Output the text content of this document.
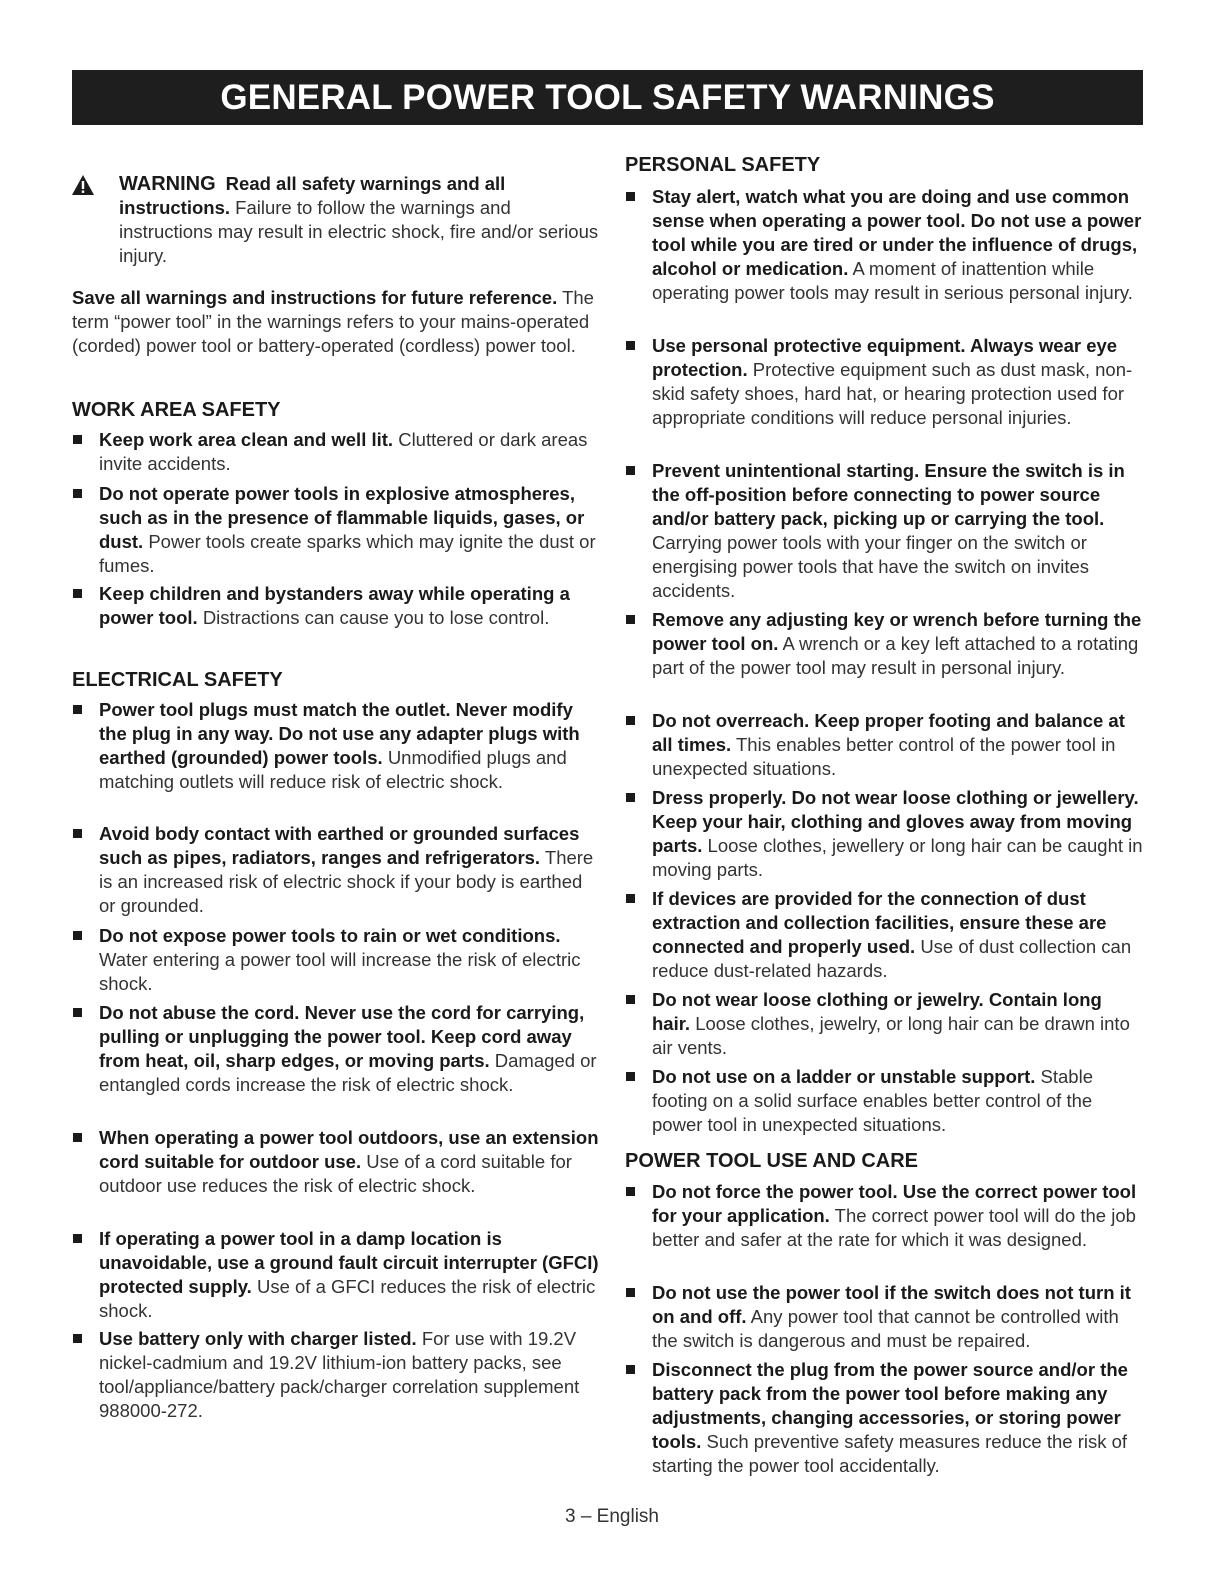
GENERAL POWER TOOL SAFETY WARNINGS
WARNING Read all safety warnings and all instructions. Failure to follow the warnings and instructions may result in electric shock, fire and/or serious injury.
Save all warnings and instructions for future reference. The term “power tool” in the warnings refers to your mains-operated (corded) power tool or battery-operated (cordless) power tool.
WORK AREA SAFETY
Keep work area clean and well lit. Cluttered or dark areas invite accidents.
Do not operate power tools in explosive atmospheres, such as in the presence of flammable liquids, gases, or dust. Power tools create sparks which may ignite the dust or fumes.
Keep children and bystanders away while operating a power tool. Distractions can cause you to lose control.
ELECTRICAL SAFETY
Power tool plugs must match the outlet. Never modify the plug in any way. Do not use any adapter plugs with earthed (grounded) power tools. Unmodified plugs and matching outlets will reduce risk of electric shock.
Avoid body contact with earthed or grounded surfaces such as pipes, radiators, ranges and refrigerators. There is an increased risk of electric shock if your body is earthed or grounded.
Do not expose power tools to rain or wet conditions. Water entering a power tool will increase the risk of electric shock.
Do not abuse the cord. Never use the cord for carrying, pulling or unplugging the power tool. Keep cord away from heat, oil, sharp edges, or moving parts. Damaged or entangled cords increase the risk of electric shock.
When operating a power tool outdoors, use an extension cord suitable for outdoor use. Use of a cord suitable for outdoor use reduces the risk of electric shock.
If operating a power tool in a damp location is unavoidable, use a ground fault circuit interrupter (GFCI) protected supply. Use of a GFCI reduces the risk of electric shock.
Use battery only with charger listed. For use with 19.2V nickel-cadmium and 19.2V lithium-ion battery packs, see tool/appliance/battery pack/charger correlation supplement 988000-272.
PERSONAL SAFETY
Stay alert, watch what you are doing and use common sense when operating a power tool. Do not use a power tool while you are tired or under the influence of drugs, alcohol or medication. A moment of inattention while operating power tools may result in serious personal injury.
Use personal protective equipment. Always wear eye protection. Protective equipment such as dust mask, non-skid safety shoes, hard hat, or hearing protection used for appropriate conditions will reduce personal injuries.
Prevent unintentional starting. Ensure the switch is in the off-position before connecting to power source and/or battery pack, picking up or carrying the tool. Carrying power tools with your finger on the switch or energising power tools that have the switch on invites accidents.
Remove any adjusting key or wrench before turning the power tool on. A wrench or a key left attached to a rotating part of the power tool may result in personal injury.
Do not overreach. Keep proper footing and balance at all times. This enables better control of the power tool in unexpected situations.
Dress properly. Do not wear loose clothing or jewellery. Keep your hair, clothing and gloves away from moving parts. Loose clothes, jewellery or long hair can be caught in moving parts.
If devices are provided for the connection of dust extraction and collection facilities, ensure these are connected and properly used. Use of dust collection can reduce dust-related hazards.
Do not wear loose clothing or jewelry. Contain long hair. Loose clothes, jewelry, or long hair can be drawn into air vents.
Do not use on a ladder or unstable support. Stable footing on a solid surface enables better control of the power tool in unexpected situations.
POWER TOOL USE AND CARE
Do not force the power tool. Use the correct power tool for your application. The correct power tool will do the job better and safer at the rate for which it was designed.
Do not use the power tool if the switch does not turn it on and off. Any power tool that cannot be controlled with the switch is dangerous and must be repaired.
Disconnect the plug from the power source and/or the battery pack from the power tool before making any adjustments, changing accessories, or storing power tools. Such preventive safety measures reduce the risk of starting the power tool accidentally.
3 – English
